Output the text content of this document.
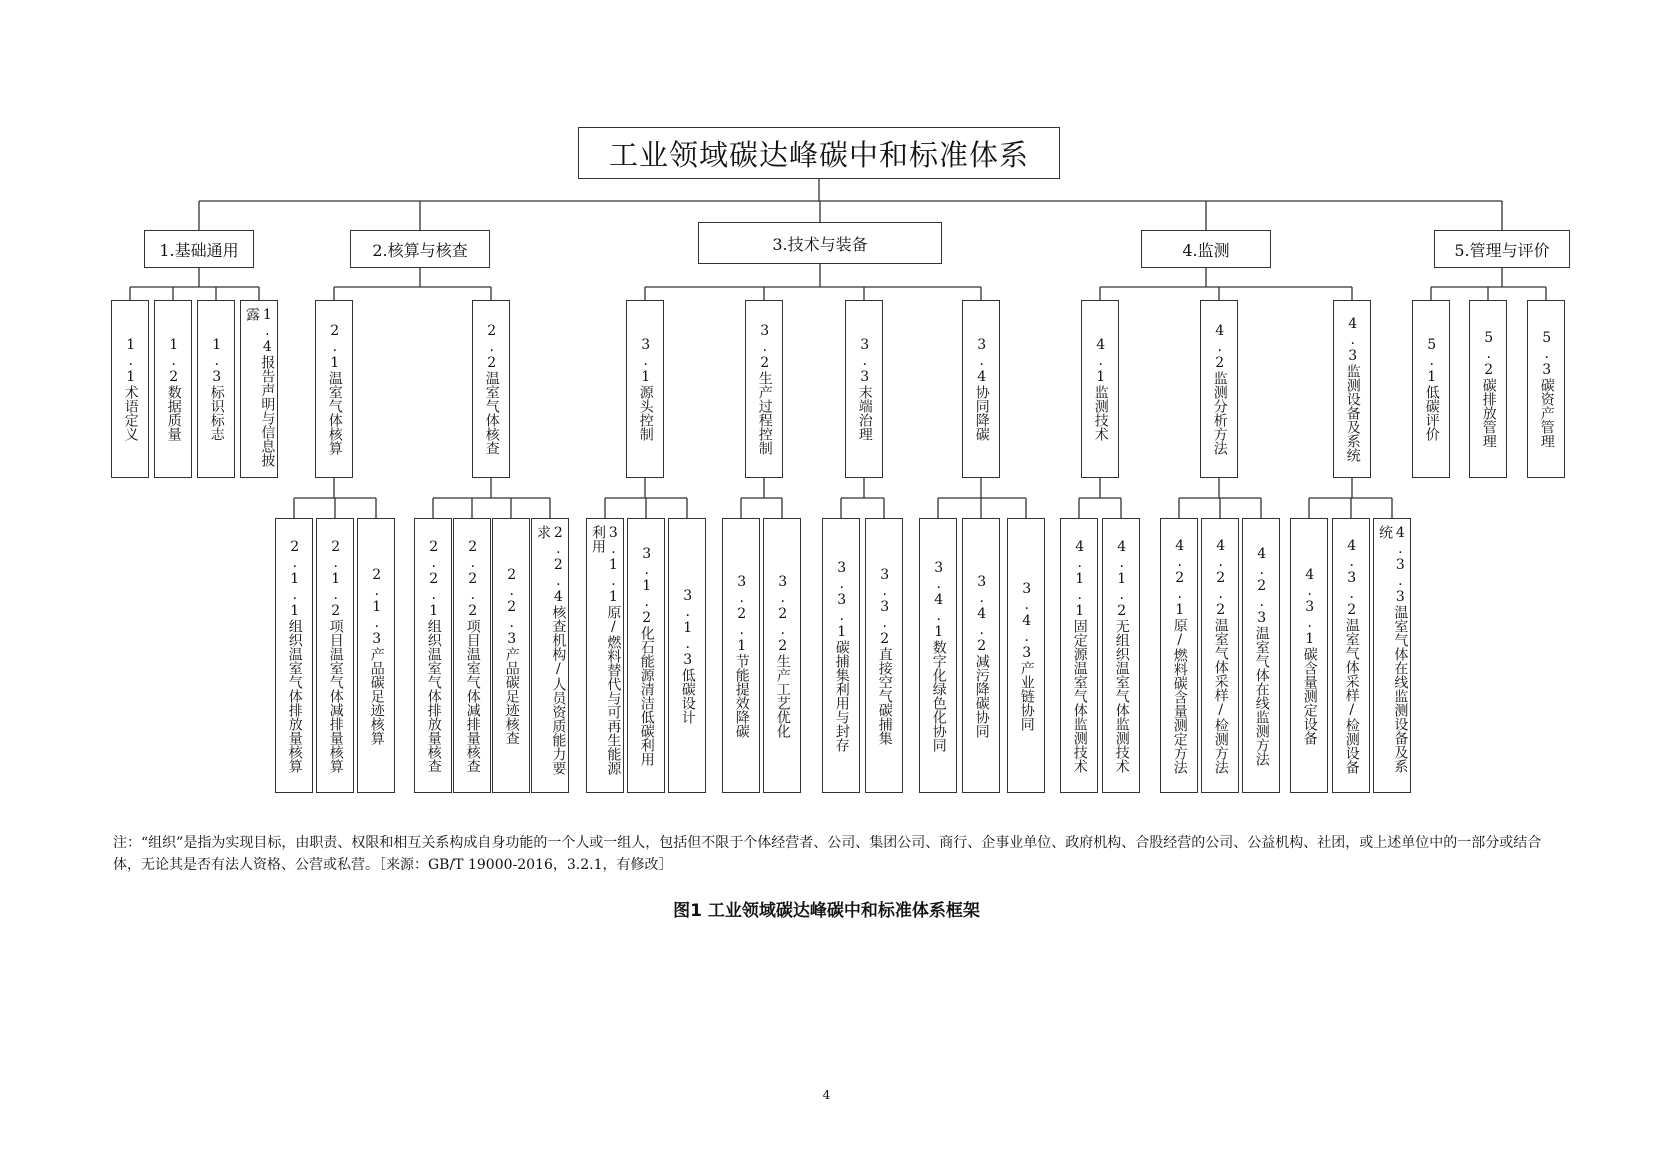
工业领域碳达峰碳中和标准体系
1.基础通用
1.1术语定义	1.2数据质量	1.3标识标志	1.4报告声明与信息披露
2.核算与核查
2.1温室气体核算
2.1.1组织温室气体排放量核算	2.1.2项目温室气体减排量核算	2.1.3产品碳足迹核算
2.2温室气体核查
2.2.1组织温室气体排放量核查	2.2.2项目温室气体减排量核查	2.2.3产品碳足迹核查	2.2.4核查机构/人员资质能力要求
3.技术与装备
3.1源头控制
3.1.1原/燃料替代与可再生能源利用
3.1.2化石能源清洁低碳利用	3.1.3低碳设计
3.2生产过程控制
3.2.1节能提效降碳	3.2.2生产工艺优化
3.3末端治理
3.3.1碳捕集利用与封存	3.3.2直接空气碳捕集
3.4协同降碳
3.4.1数字化绿色化协同	3.4.2减污降碳协同	3.4.3产业链协同
4.监测
4.1监测技术
4.1.1固定源温室气体监测技术	4.1.2无组织温室气体监测技术
4.2监测分析方法
4.2.1原/燃料碳含量测定方法	4.2.2温室气体采样/检测方法	4.2.3温室气体在线监测方法
4.3监测设备及系统
4.3.1碳含量测定设备	4.3.2温室气体采样/检测设备	4.3.3温室气体在线监测设备及系统
5.管理与评价
5.1低碳评价	5.2碳排放管理	5.3碳资产管理
注：“组织”是指为实现目标，由职责、权限和相互关系构成自身功能的一个人或一组人，包括但不限于个体经营者、公司、集团公司、商行、企事业单位、政府机构、合股经营的公司、公益机构、社团，或上述单位中的一部分或结合体，无论其是否有法人资格、公营或私营。［来源：GB/T 19000-2016，3.2.1，有修改］
图1 工业领域碳达峰碳中和标准体系框架
4
